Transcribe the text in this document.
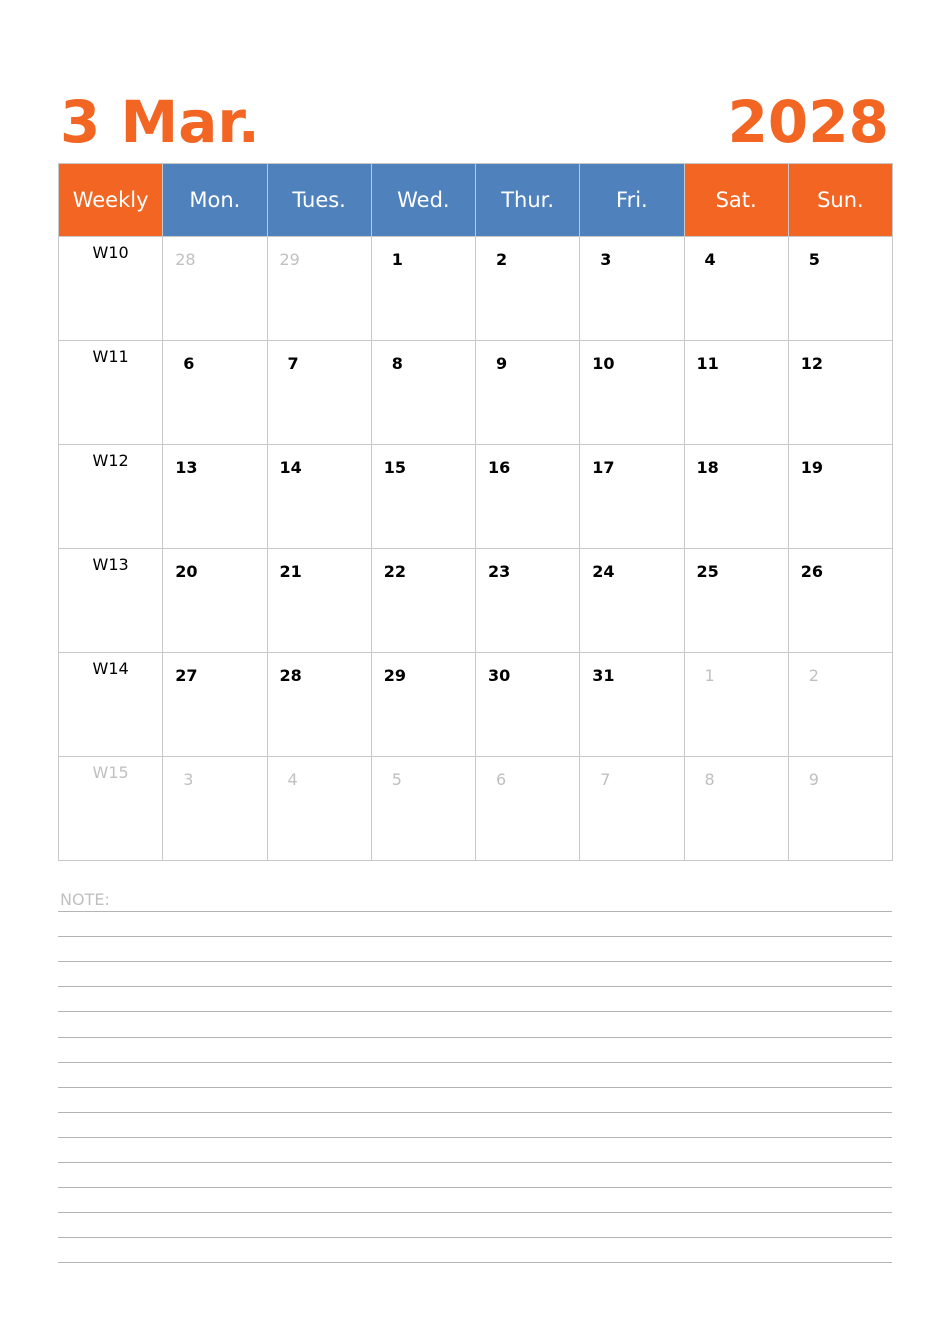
3 Mar.	2028
Weekly	Mon.	Tues.	Wed.	Thur.	Fri.	Sat.	Sun.
W10	28	29	1	2	3	4	5

W11	6	7	8	9	10	11	12

W12	13	14	15	16	17	18	19

W13	20	21	22	23	24	25	26

W14	27	28	29	30	31	1	2

W15	3	4	5	6	7	8	9
NOTE:
